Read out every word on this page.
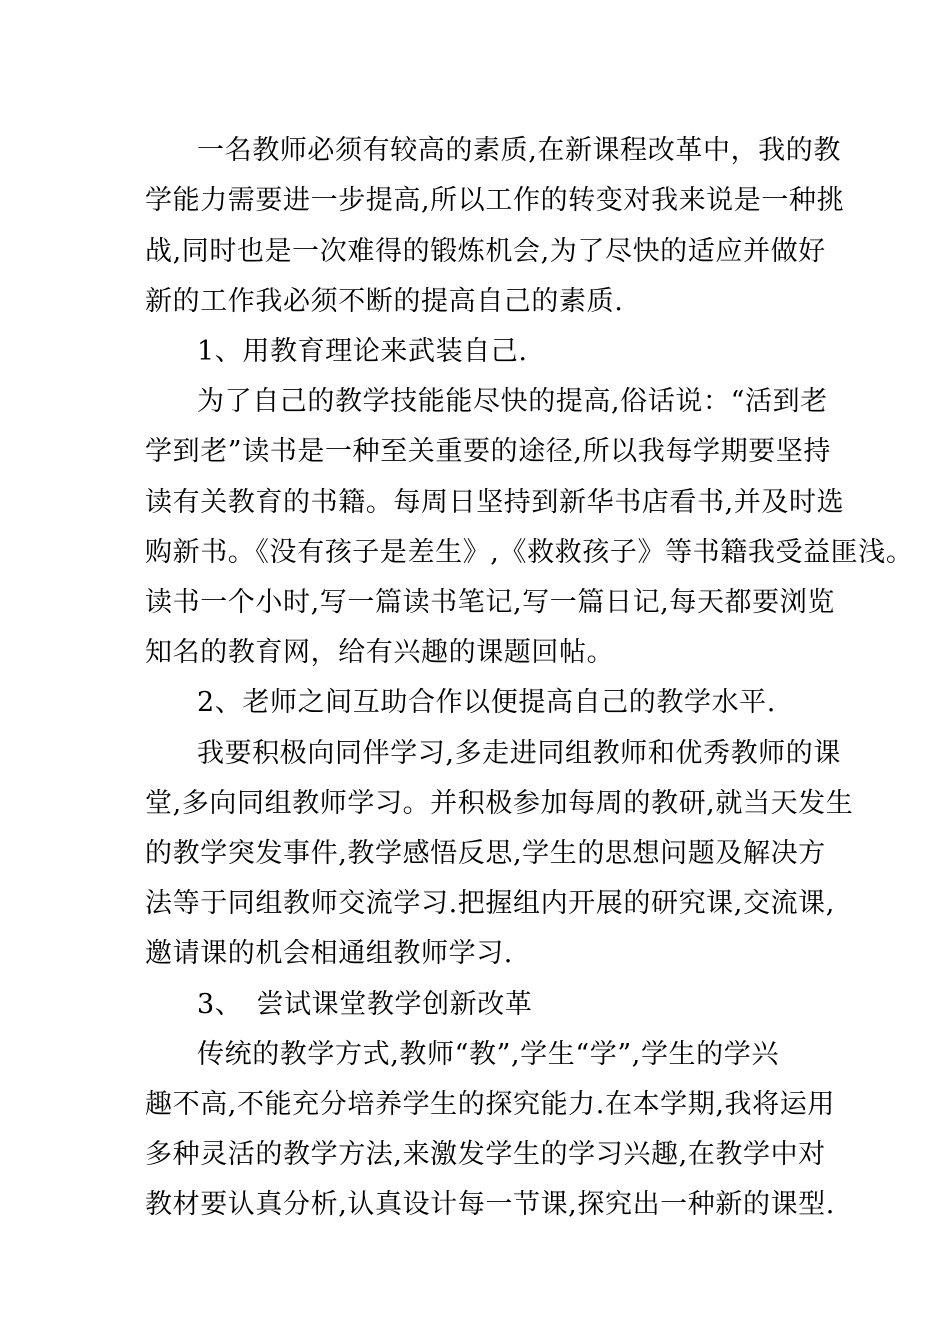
一名教师必须有较高的素质,在新课程改革中，我的教
学能力需要进一步提高,所以工作的转变对我来说是一种挑
战,同时也是一次难得的锻炼机会,为了尽快的适应并做好
新的工作我必须不断的提高自己的素质.
1、用教育理论来武装自己.
为了自己的教学技能能尽快的提高,俗话说：“活到老
学到老”读书是一种至关重要的途径,所以我每学期要坚持
读有关教育的书籍。每周日坚持到新华书店看书,并及时选
购新书。《没有孩子是差生》,《救救孩子》等书籍我受益匪浅。
读书一个小时,写一篇读书笔记,写一篇日记,每天都要浏览
知名的教育网，给有兴趣的课题回帖。
2、老师之间互助合作以便提高自己的教学水平.
我要积极向同伴学习,多走进同组教师和优秀教师的课
堂,多向同组教师学习。并积极参加每周的教研,就当天发生
的教学突发事件,教学感悟反思,学生的思想问题及解决方
法等于同组教师交流学习.把握组内开展的研究课,交流课,
邀请课的机会相通组教师学习.
3、　尝试课堂教学创新改革
传统的教学方式,教师“教”,学生“学”,学生的学兴
趣不高,不能充分培养学生的探究能力.在本学期,我将运用
多种灵活的教学方法,来激发学生的学习兴趣,在教学中对
教材要认真分析,认真设计每一节课,探究出一种新的课型.
